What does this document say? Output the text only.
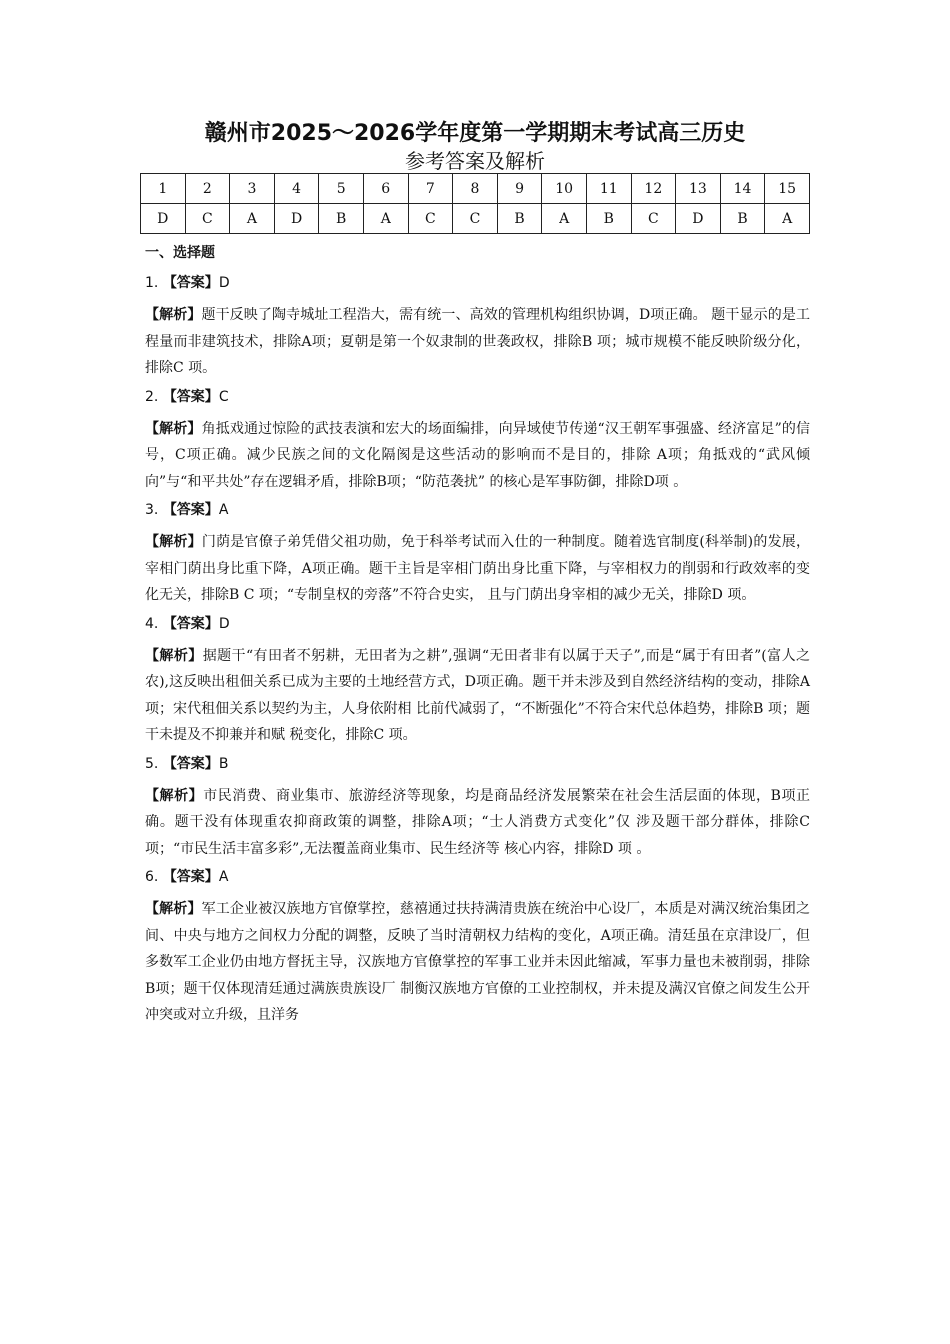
赣州市2025～2026学年度第一学期期末考试高三历史
参考答案及解析
1	2	3	4	5	6	7	8	9	10	11	12	13	14	15
D	C	A	D	B	A	C	C	B	A	B	C	D	B	A
一、选择题
1. 【答案】D
【解析】题干反映了陶寺城址工程浩大，需有统一、高效的管理机构组织协调，D项正确。 题干显示的是工程量而非建筑技术，排除A项；夏朝是第一个奴隶制的世袭政权，排除B 项；城市规模不能反映阶级分化，排除C 项。
2. 【答案】C
【解析】角抵戏通过惊险的武技表演和宏大的场面编排，向异域使节传递“汉王朝军事强盛、经济富足”的信号，C项正确。减少民族之间的文化隔阂是这些活动的影响而不是目的，排除 A项；角抵戏的“武风倾向”与“和平共处”存在逻辑矛盾，排除B项；“防范袭扰” 的核心是军事防御，排除D项 。
3. 【答案】A
【解析】门荫是官僚子弟凭借父祖功勋，免于科举考试而入仕的一种制度。随着选官制度(科举制)的发展，宰相门荫出身比重下降，A项正确。题干主旨是宰相门荫出身比重下降，与宰相权力的削弱和行政效率的变化无关，排除B C 项；“专制皇权的旁落”不符合史实， 且与门荫出身宰相的减少无关，排除D 项。
4. 【答案】D
【解析】据题干“有田者不躬耕，无田者为之耕”,强调“无田者非有以属于天子”,而是“属于有田者”(富人之农),这反映出租佃关系已成为主要的土地经营方式，D项正确。题干并未涉及到自然经济结构的变动，排除A 项；宋代租佃关系以契约为主，人身依附相 比前代减弱了，“不断强化”不符合宋代总体趋势，排除B 项；题干未提及不抑兼并和赋 税变化，排除C 项。
5. 【答案】B
【解析】市民消费、商业集市、旅游经济等现象，均是商品经济发展繁荣在社会生活层面的体现，B项正确。题干没有体现重农抑商政策的调整，排除A项；“士人消费方式变化”仅 涉及题干部分群体，排除C项；“市民生活丰富多彩”,无法覆盖商业集市、民生经济等 核心内容，排除D 项 。
6. 【答案】A
【解析】军工企业被汉族地方官僚掌控，慈禧通过扶持满清贵族在统治中心设厂，本质是对满汉统治集团之间、中央与地方之间权力分配的调整，反映了当时清朝权力结构的变化，A项正确。清廷虽在京津设厂，但多数军工企业仍由地方督抚主导，汉族地方官僚掌控的军事工业并未因此缩减，军事力量也未被削弱，排除B项；题干仅体现清廷通过满族贵族设厂 制衡汉族地方官僚的工业控制权，并未提及满汉官僚之间发生公开冲突或对立升级，且洋务
